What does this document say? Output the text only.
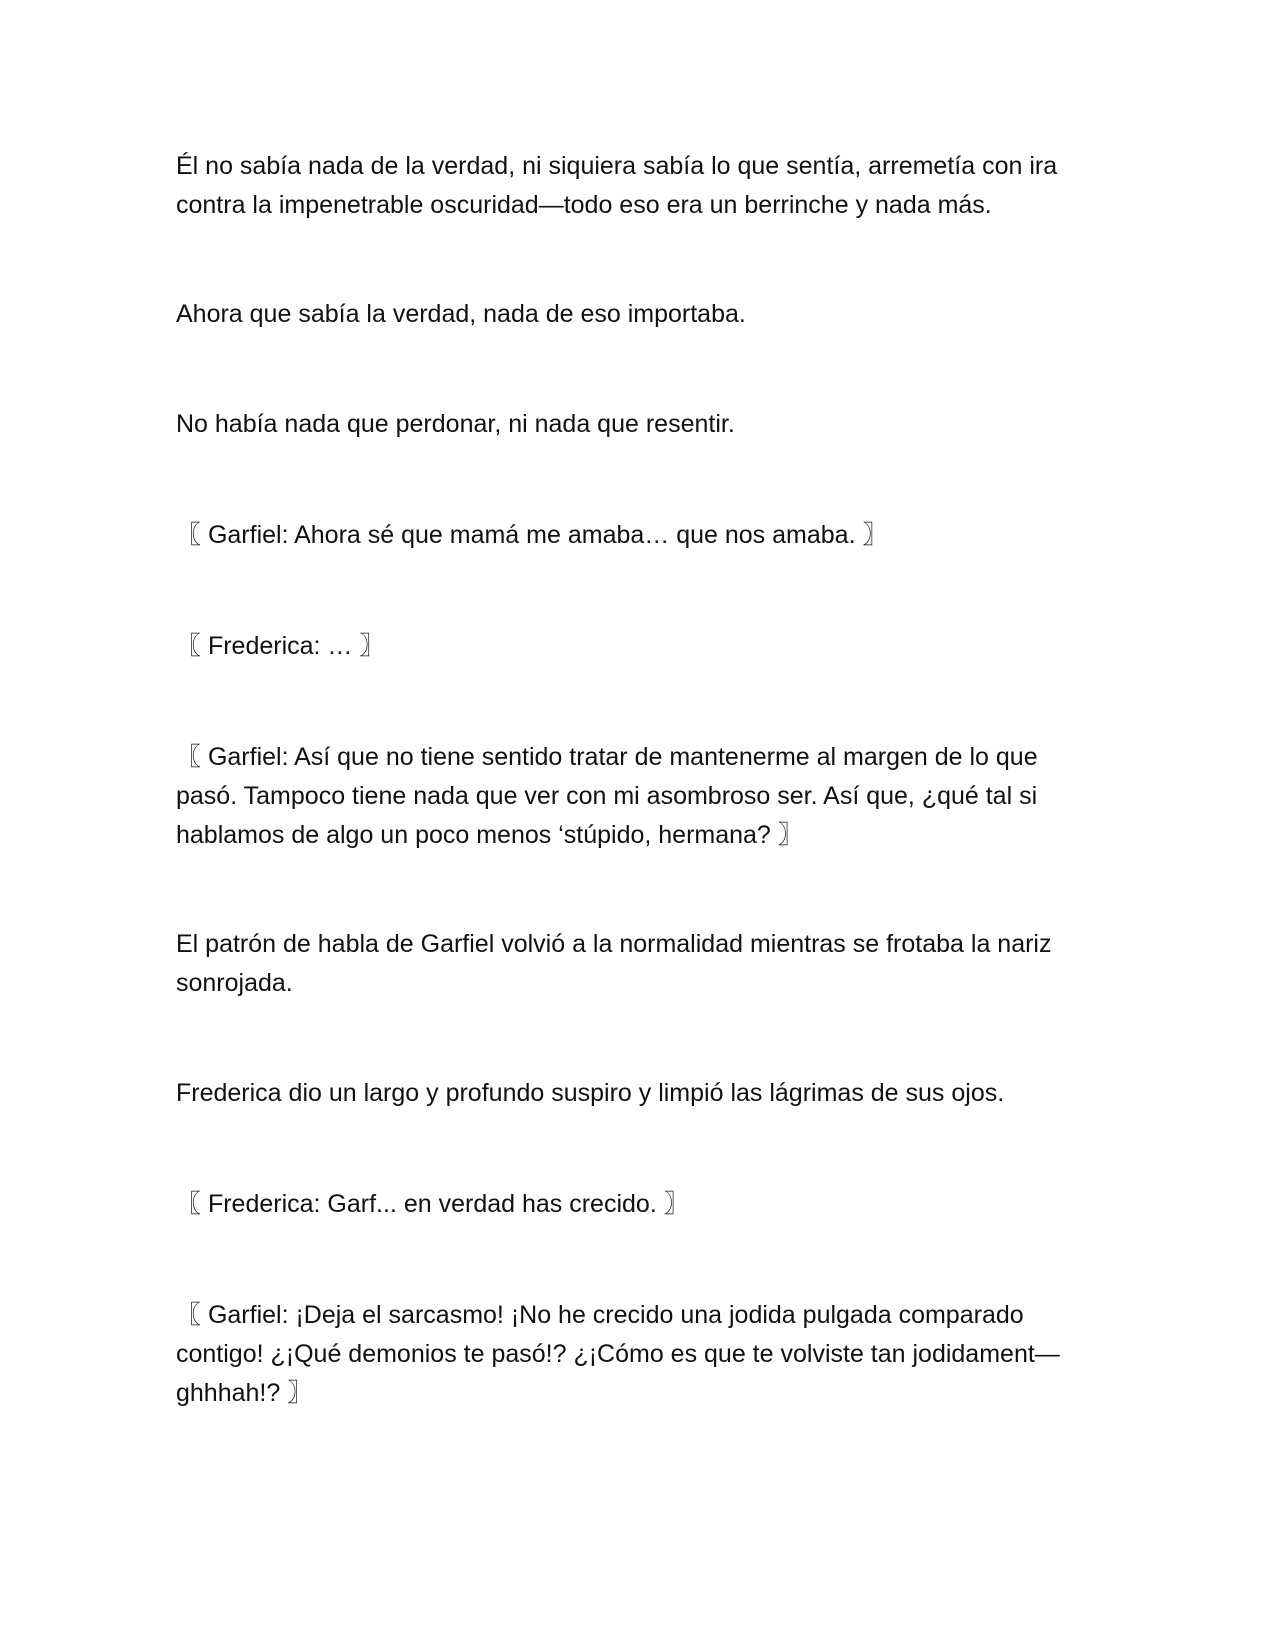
Él no sabía nada de la verdad, ni siquiera sabía lo que sentía, arremetía con ira contra la impenetrable oscuridad—todo eso era un berrinche y nada más.

Ahora que sabía la verdad, nada de eso importaba.

No había nada que perdonar, ni nada que resentir.

〖 Garfiel: Ahora sé que mamá me amaba… que nos amaba. 〗

〖 Frederica: … 〗

〖 Garfiel: Así que no tiene sentido tratar de mantenerme al margen de lo que pasó. Tampoco tiene nada que ver con mi asombroso ser. Así que, ¿qué tal si hablamos de algo un poco menos ‘stúpido, hermana? 〗

El patrón de habla de Garfiel volvió a la normalidad mientras se frotaba la nariz sonrojada.

Frederica dio un largo y profundo suspiro y limpió las lágrimas de sus ojos.

〖 Frederica: Garf... en verdad has crecido. 〗

〖 Garfiel: ¡Deja el sarcasmo! ¡No he crecido una jodida pulgada comparado contigo! ¿¡Qué demonios te pasó!? ¿¡Cómo es que te volviste tan jodidament—ghhhah!? 〗
